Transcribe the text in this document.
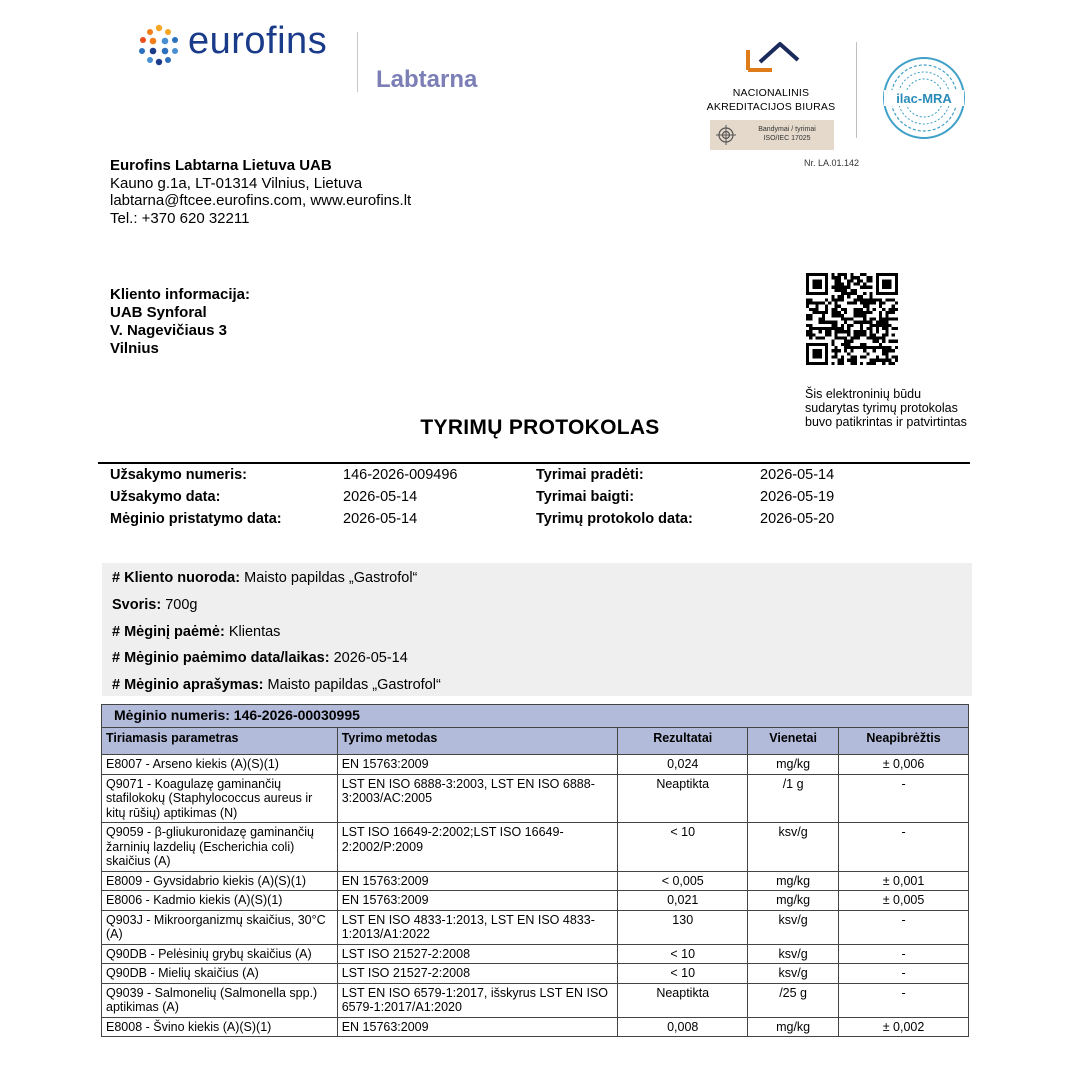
eurofins
Labtarna	NACIONALINIS
AKREDITACIJOS BIURAS
Bandymai / tyrimai
ISO/IEC 17025
ilac-MRA
Nr. LA.01.142
Eurofins Labtarna Lietuva UAB
Kauno g.1a, LT-01314 Vilnius, Lietuva
labtarna@ftcee.eurofins.com, www.eurofins.lt
Tel.: +370 620 32211
Kliento informacija:
UAB Synforal
V. Nagevičiaus 3
Vilnius
Šis elektroninių būdu sudarytas tyrimų protokolas buvo patikrintas ir patvirtintas
TYRIMŲ PROTOKOLAS
Užsakymo numeris:	146-2026-009496	Tyrimai pradėti:	2026-05-14
Užsakymo data:	2026-05-14	Tyrimai baigti:	2026-05-19
Mėginio pristatymo data:	2026-05-14	Tyrimų protokolo data:	2026-05-20
# Kliento nuoroda: Maisto papildas „Gastrofol“
Svoris: 700g
# Mėginį paėmė: Klientas
# Mėginio paėmimo data/laikas: 2026-05-14
# Mėginio aprašymas: Maisto papildas „Gastrofol“
Mėginio numeris: 146-2026-00030995				
Tiriamasis parametras	Tyrimo metodas	Rezultatai	Vienetai	Neapibrėžtis
E8007 - Arseno kiekis (A)(S)(1)	EN 15763:2009	0,024	mg/kg	± 0,006
Q9071 - Koagulazę gaminančių stafilokokų (Staphylococcus aureus ir kitų rūšių) aptikimas (N)	LST EN ISO 6888-3:2003, LST EN ISO 6888-3:2003/AC:2005	Neaptikta	/1 g	-
Q9059 - β-gliukuronidazę gaminančių žarninių lazdelių (Escherichia coli) skaičius (A)	LST ISO 16649-2:2002;LST ISO 16649-2:2002/P:2009	< 10	ksv/g	-
E8009 - Gyvsidabrio kiekis (A)(S)(1)	EN 15763:2009	< 0,005	mg/kg	± 0,001
E8006 - Kadmio kiekis (A)(S)(1)	EN 15763:2009	0,021	mg/kg	± 0,005
Q903J - Mikroorganizmų skaičius, 30°C (A)	LST EN ISO 4833-1:2013, LST EN ISO 4833-1:2013/A1:2022	130	ksv/g	-
Q90DB - Pelėsinių grybų skaičius (A)	LST ISO 21527-2:2008	< 10	ksv/g	-
Q90DB - Mielių skaičius (A)	LST ISO 21527-2:2008	< 10	ksv/g	-
Q9039 - Salmonelių (Salmonella spp.) aptikimas (A)	LST EN ISO 6579-1:2017, išskyrus LST EN ISO 6579-1:2017/A1:2020	Neaptikta	/25 g	-
E8008 - Švino kiekis (A)(S)(1)	EN 15763:2009	0,008	mg/kg	± 0,002
